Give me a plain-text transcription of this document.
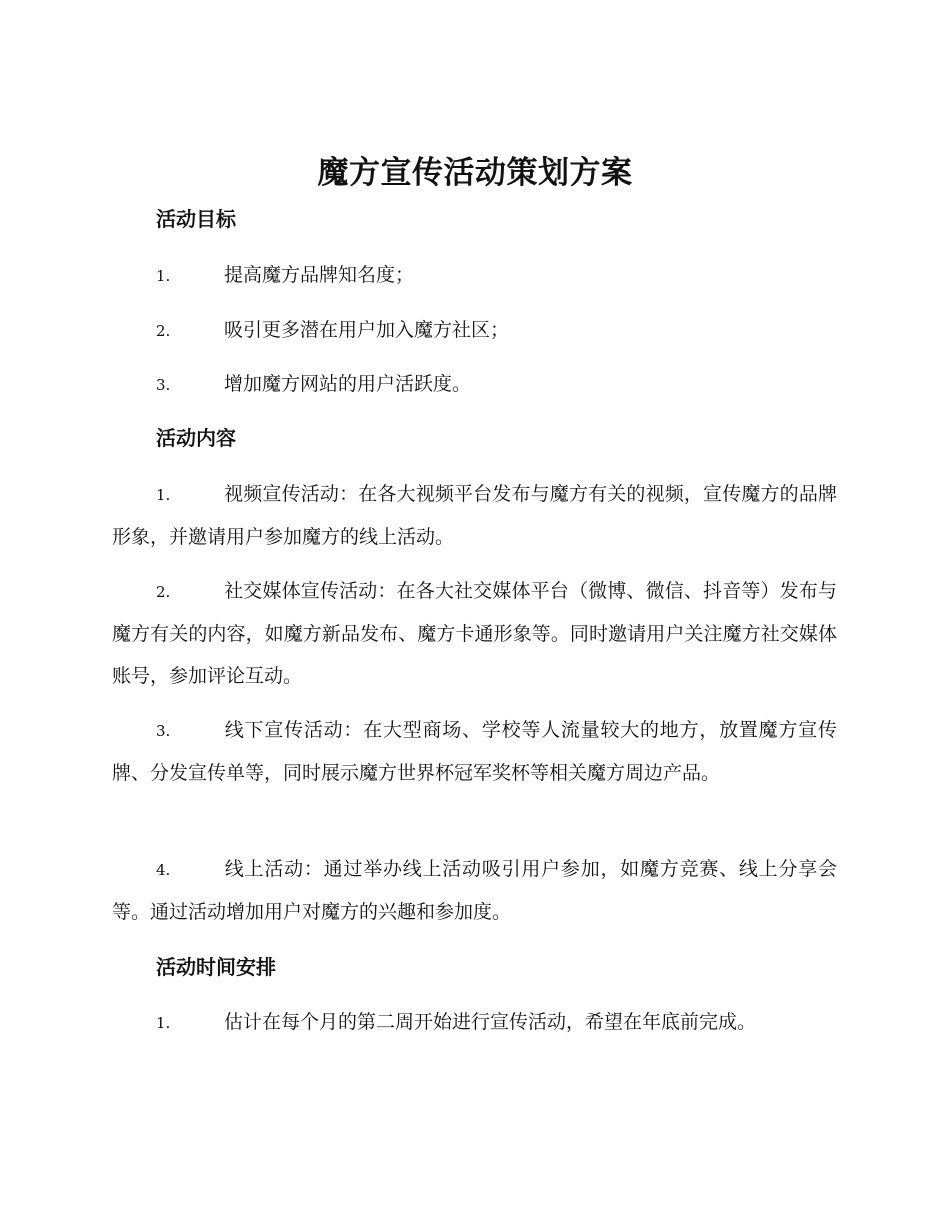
魔方宣传活动策划方案
活动目标

1.	提高魔方品牌知名度；

2.	吸引更多潜在用户加入魔方社区；

3.	增加魔方网站的用户活跃度。

活动内容

1.	视频宣传活动：在各大视频平台发布与魔方有关的视频，宣传魔方的品牌形象，并邀请用户参加魔方的线上活动。

2.	社交媒体宣传活动：在各大社交媒体平台（微博、微信、抖音等）发布与魔方有关的内容，如魔方新品发布、魔方卡通形象等。同时邀请用户关注魔方社交媒体账号，参加评论互动。

3.	线下宣传活动：在大型商场、学校等人流量较大的地方，放置魔方宣传牌、分发宣传单等，同时展示魔方世界杯冠军奖杯等相关魔方周边产品。

4.	线上活动：通过举办线上活动吸引用户参加，如魔方竞赛、线上分享会等。通过活动增加用户对魔方的兴趣和参加度。

活动时间安排

1.	估计在每个月的第二周开始进行宣传活动，希望在年底前完成。
